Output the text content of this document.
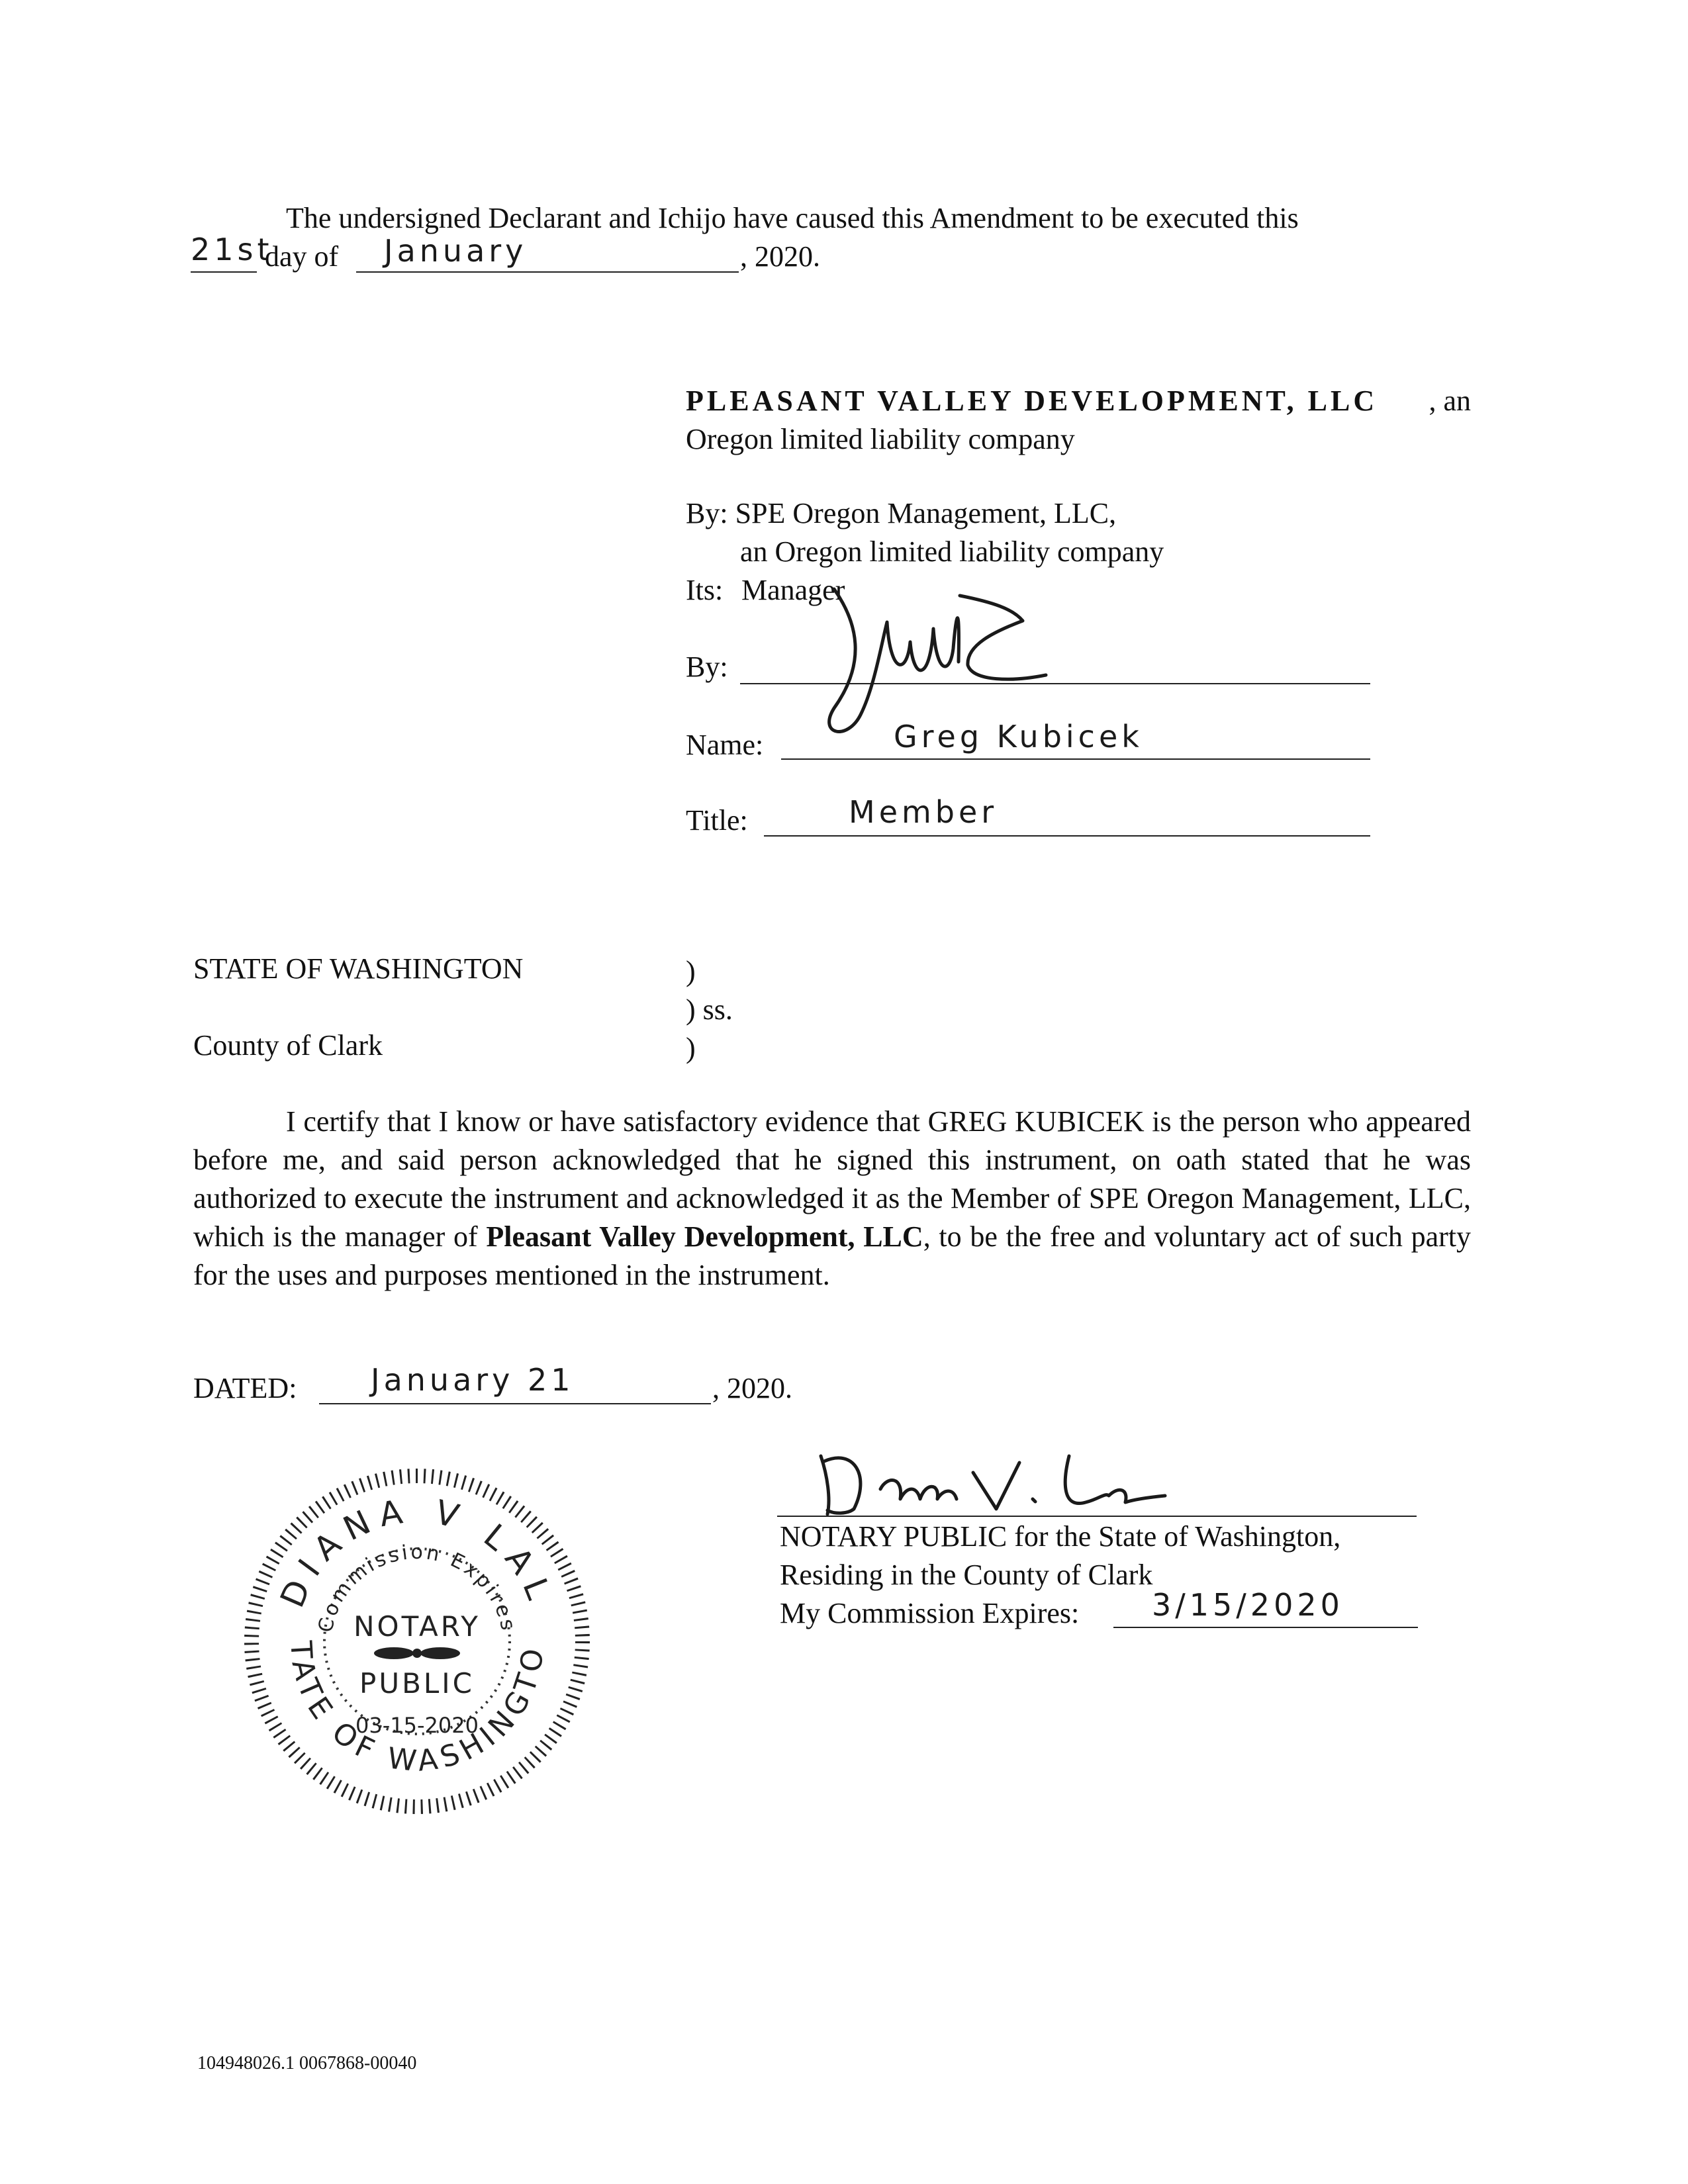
The undersigned Declarant and Ichijo have caused this Amendment to be executed this
21st
day of January	, 2020.
PLEASANT VALLEY DEVELOPMENT, LLC , an
Oregon limited liability company
By: SPE Oregon Management, LLC,
an Oregon limited liability company
Its: Manager
By:
Name:	Greg Kubicek
Title:	Member
STATE OF WASHINGTON	)
) ss.
County of Clark	)
I certify that I know or have satisfactory evidence that GREG KUBICEK is the person who appeared before me, and said person acknowledged that he signed this instrument, on oath stated that he was authorized to execute the instrument and acknowledged it as the Member of SPE Oregon Management, LLC, which is the manager of Pleasant Valley Development, LLC, to be the free and voluntary act of such party for the uses and purposes mentioned in the instrument.
DATED: January 21	, 2020.
NOTARY PUBLIC for the State of Washington,
Residing in the County of Clark
My Commission Expires: 3/15/2020
DIANA V LAL
STATE OF WASHINGTON
Commission Expires
NOTARY
PUBLIC
03-15-2020
104948026.1 0067868-00040
